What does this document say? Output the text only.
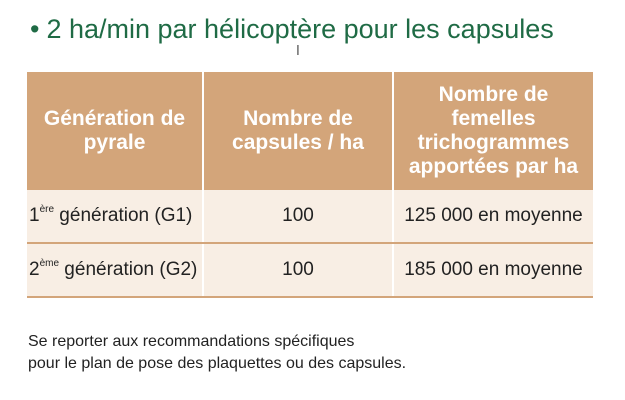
• 2 ha/min par hélicoptère pour les capsules
I
Génération de pyrale	Nombre de capsules / ha	Nombre de femelles trichogrammes apportées par ha
1ère génération (G1)	100	125 000 en moyenne
2ème génération (G2)	100	185 000 en moyenne
Se reporter aux recommandations spécifiques
pour le plan de pose des plaquettes ou des capsules.
